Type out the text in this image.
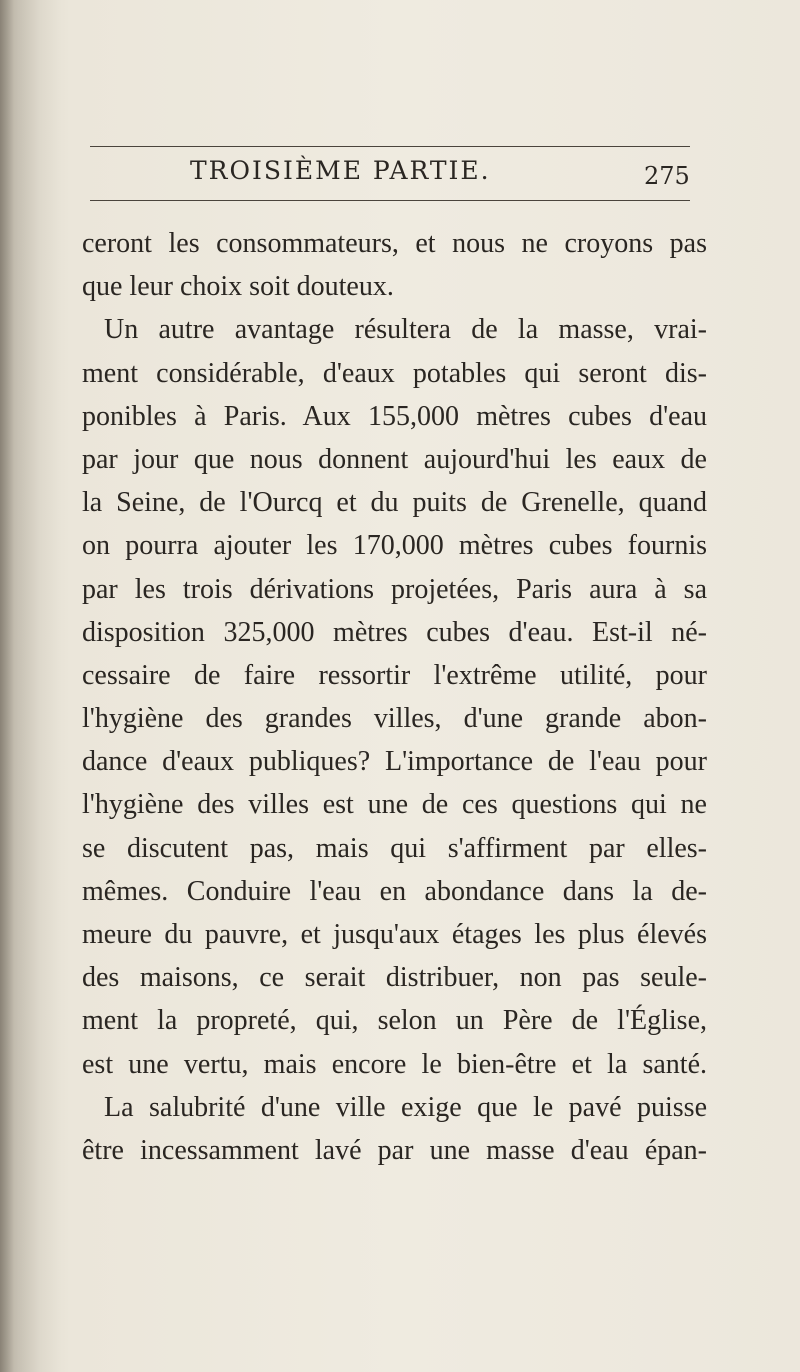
TROISIÈME PARTIE.	275
ceront les consommateurs, et nous ne croyons pas
que leur choix soit douteux.
Un autre avantage résultera de la masse, vrai-
ment considérable, d'eaux potables qui seront dis-
ponibles à Paris. Aux 155,000 mètres cubes d'eau
par jour que nous donnent aujourd'hui les eaux de
la Seine, de l'Ourcq et du puits de Grenelle, quand
on pourra ajouter les 170,000 mètres cubes fournis
par les trois dérivations projetées, Paris aura à sa
disposition 325,000 mètres cubes d'eau. Est-il né-
cessaire de faire ressortir l'extrême utilité, pour
l'hygiène des grandes villes, d'une grande abon-
dance d'eaux publiques? L'importance de l'eau pour
l'hygiène des villes est une de ces questions qui ne
se discutent pas, mais qui s'affirment par elles-
mêmes. Conduire l'eau en abondance dans la de-
meure du pauvre, et jusqu'aux étages les plus élevés
des maisons, ce serait distribuer, non pas seule-
ment la propreté, qui, selon un Père de l'Église,
est une vertu, mais encore le bien-être et la santé.
La salubrité d'une ville exige que le pavé puisse
être incessamment lavé par une masse d'eau épan-
